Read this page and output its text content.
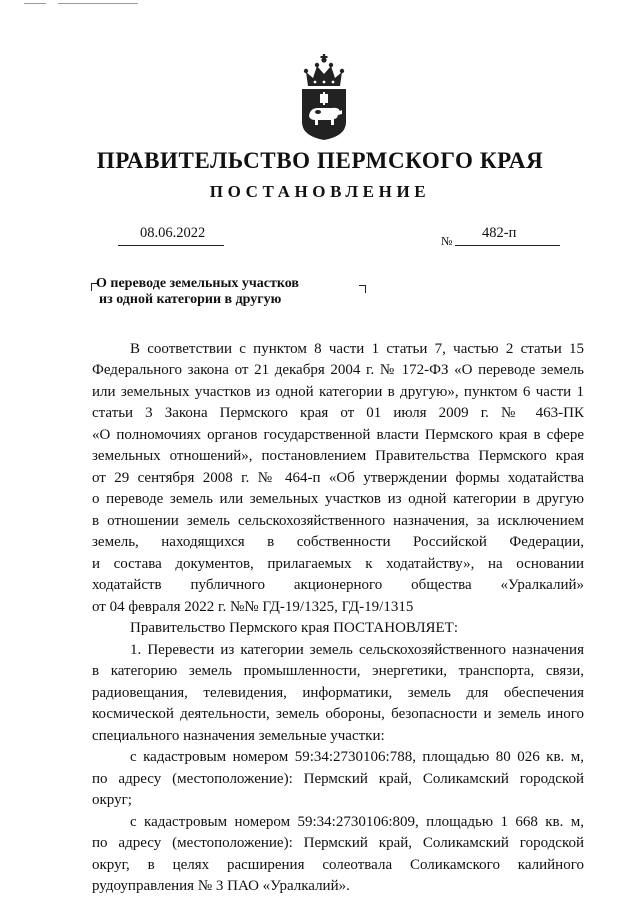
ПРАВИТЕЛЬСТВО ПЕРМСКОГО КРАЯ
ПОСТАНОВЛЕНИЕ
08.06.2022	№ 482-п
О переводе земельных участков
из одной категории в другую
В соответствии с пунктом 8 части 1 статьи 7, частью 2 статьи 15
Федерального закона от 21 декабря 2004 г. № 172-ФЗ «О переводе земель
или земельных участков из одной категории в другую», пунктом 6 части 1
статьи 3 Закона Пермского края от 01 июля 2009 г. № 463-ПК
«О полномочиях органов государственной власти Пермского края в сфере
земельных отношений», постановлением Правительства Пермского края
от 29 сентября 2008 г. № 464-п «Об утверждении формы ходатайства
о переводе земель или земельных участков из одной категории в другую
в отношении земель сельскохозяйственного назначения, за исключением
земель, находящихся в собственности Российской Федерации,
и состава документов, прилагаемых к ходатайству», на основании
ходатайств публичного акционерного общества «Уралкалий»
от 04 февраля 2022 г. №№ ГД-19/1325, ГД-19/1315
Правительство Пермского края ПОСТАНОВЛЯЕТ:
1. Перевести из категории земель сельскохозяйственного назначения
в категорию земель промышленности, энергетики, транспорта, связи,
радиовещания, телевидения, информатики, земель для обеспечения
космической деятельности, земель обороны, безопасности и земель иного
специального назначения земельные участки:
с кадастровым номером 59:34:2730106:788, площадью 80 026 кв. м,
по адресу (местоположение): Пермский край, Соликамский городской
округ;
с кадастровым номером 59:34:2730106:809, площадью 1 668 кв. м,
по адресу (местоположение): Пермский край, Соликамский городской
округ, в целях расширения солеотвала Соликамского калийного
рудоуправления № 3 ПАО «Уралкалий».
